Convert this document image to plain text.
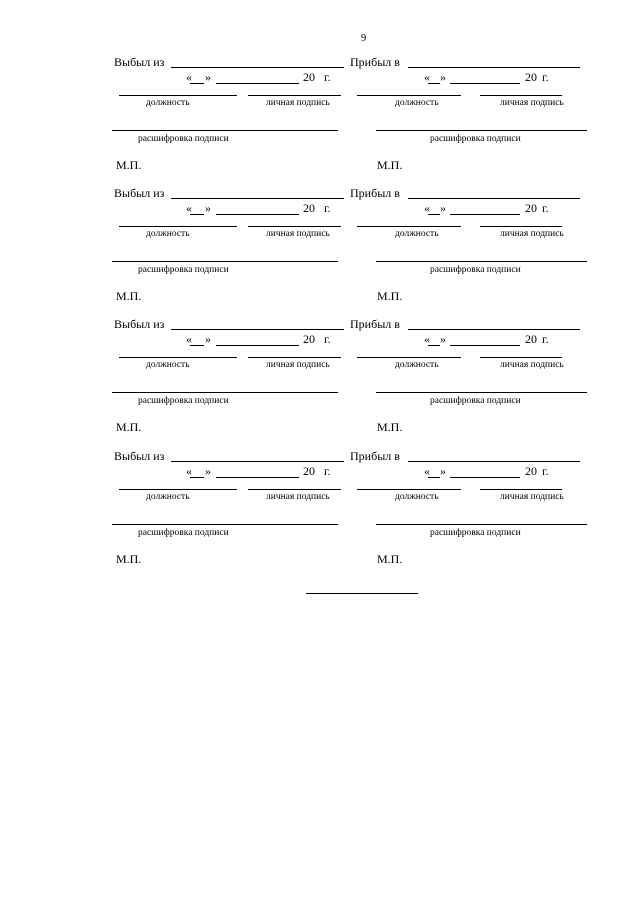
9
Выбыл из
« »	20 г.
должность	личная подпись
расшифровка подписи
М.П.
Прибыл в
« »	20 г.
должность	личная подпись
расшифровка подписи
М.П.
Выбыл из
« »	20 г.
должность	личная подпись
расшифровка подписи
М.П.
Прибыл в
« »	20 г.
должность	личная подпись
расшифровка подписи
М.П.
Выбыл из
« »	20 г.
должность	личная подпись
расшифровка подписи
М.П.
Прибыл в
« »	20 г.
должность	личная подпись
расшифровка подписи
М.П.
Выбыл из
« »	20 г.
должность	личная подпись
расшифровка подписи
М.П.
Прибыл в
« »	20 г.
должность	личная подпись
расшифровка подписи
М.П.
